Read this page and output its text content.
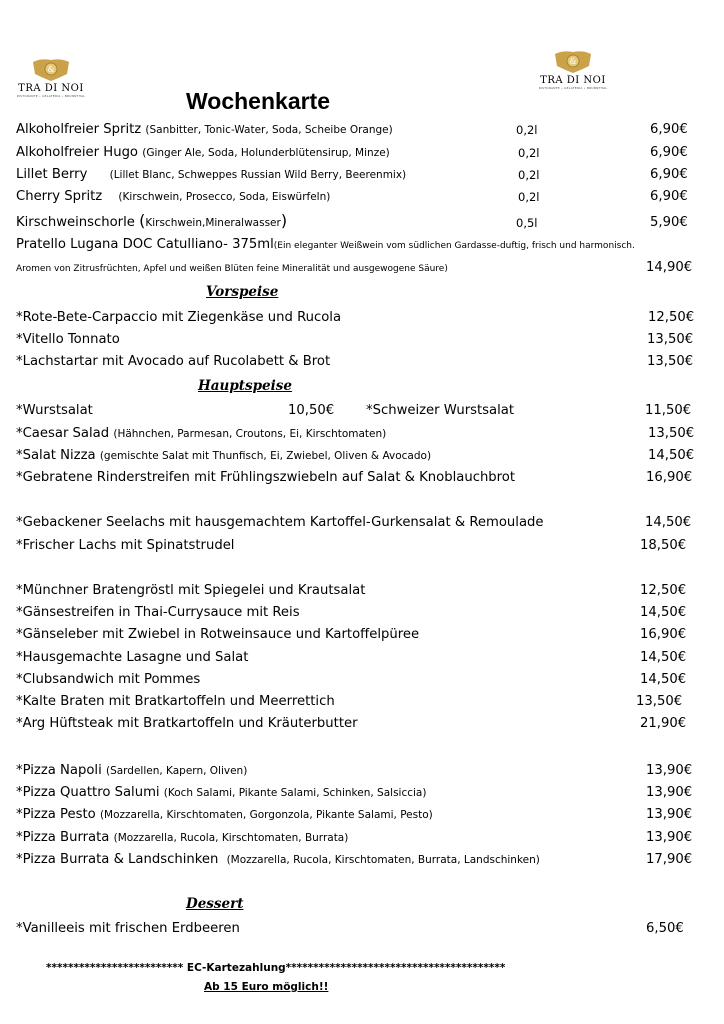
&
TRA DI NOI
RISTORANTE • GELATERIA • BRUNNTHAL
&
TRA DI NOI
RISTORANTE • GELATERIA • BRUNNTHAL
Wochenkarte
Alkoholfreier Spritz (Sanbitter, Tonic-Water, Soda, Scheibe Orange)	0,2l	6,90€
Alkoholfreier Hugo (Ginger Ale, Soda, Holunderblütensirup, Minze)	0,2l	6,90€
Lillet Berry (Lillet Blanc, Schweppes Russian Wild Berry, Beerenmix)	0,2l	6,90€
Cherry Spritz (Kirschwein, Prosecco, Soda, Eiswürfeln)	0,2l	6,90€
Kirschweinschorle (Kirschwein,Mineralwasser)	0,5l	5,90€
Pratello Lugana DOC Catulliano- 375ml(Ein eleganter Weißwein vom südlichen Gardasse-duftig, frisch und harmonisch.
Aromen von Zitrusfrüchten, Apfel und weißen Blüten feine Mineralität und ausgewogene Säure)	14,90€
Vorspeise
*Rote-Bete-Carpaccio mit Ziegenkäse und Rucola	12,50€
*Vitello Tonnato	13,50€
*Lachstartar mit Avocado auf Rucolabett & Brot	13,50€
Hauptspeise
*Wurstsalat	10,50€ *Schweizer Wurstsalat	11,50€
*Caesar Salad (Hähnchen, Parmesan, Croutons, Ei, Kirschtomaten)	13,50€
*Salat Nizza (gemischte Salat mit Thunfisch, Ei, Zwiebel, Oliven & Avocado)	14,50€
*Gebratene Rinderstreifen mit Frühlingszwiebeln auf Salat & Knoblauchbrot	16,90€
*Gebackener Seelachs mit hausgemachtem Kartoffel-Gurkensalat & Remoulade	14,50€
*Frischer Lachs mit Spinatstrudel	18,50€
*Münchner Bratengröstl mit Spiegelei und Krautsalat	12,50€
*Gänsestreifen in Thai-Currysauce mit Reis	14,50€
*Gänseleber mit Zwiebel in Rotweinsauce und Kartoffelpüree	16,90€
*Hausgemachte Lasagne und Salat	14,50€
*Clubsandwich mit Pommes	14,50€
*Kalte Braten mit Bratkartoffeln und Meerrettich	13,50€
*Arg Hüftsteak mit Bratkartoffeln und Kräuterbutter	21,90€
*Pizza Napoli (Sardellen, Kapern, Oliven)	13,90€
*Pizza Quattro Salumi (Koch Salami, Pikante Salami, Schinken, Salsiccia)	13,90€
*Pizza Pesto (Mozzarella, Kirschtomaten, Gorgonzola, Pikante Salami, Pesto)	13,90€
*Pizza Burrata (Mozzarella, Rucola, Kirschtomaten, Burrata)	13,90€
*Pizza Burrata & Landschinken (Mozzarella, Rucola, Kirschtomaten, Burrata, Landschinken)	17,90€
Dessert
*Vanilleeis mit frischen Erdbeeren	6,50€
************************* EC-Kartezahlung****************************************
Ab 15 Euro möglich!!
